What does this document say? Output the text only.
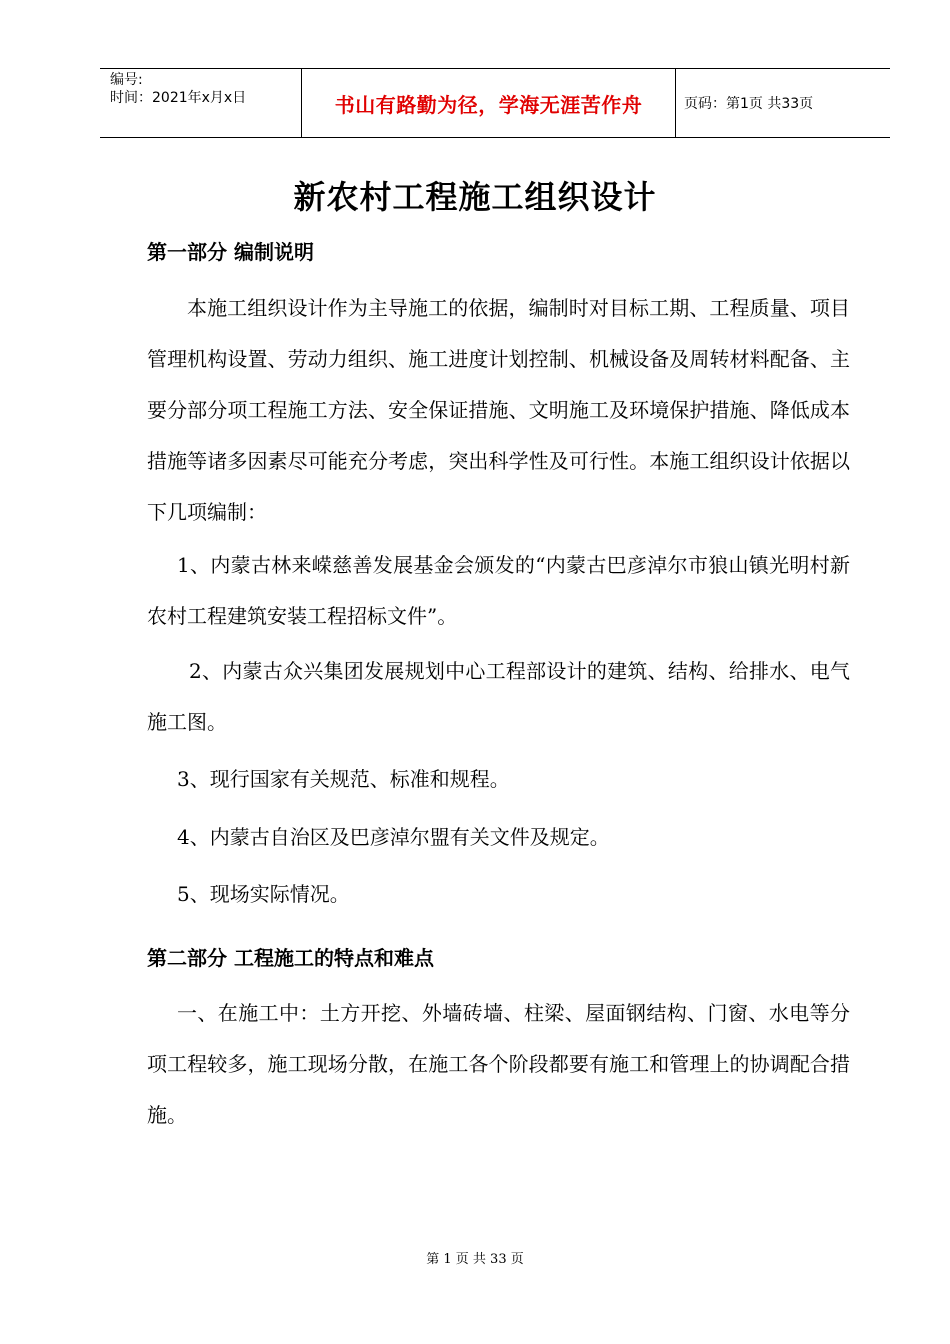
编号:
时间：2021年x月x日	书山有路勤为径，学海无涯苦作舟	页码：第1页 共33页
新农村工程施工组织设计
第一部分 编制说明
本施工组织设计作为主导施工的依据，编制时对目标工期、工程质量、项目管理机构设置、劳动力组织、施工进度计划控制、机械设备及周转材料配备、主要分部分项工程施工方法、安全保证措施、文明施工及环境保护措施、降低成本措施等诸多因素尽可能充分考虑，突出科学性及可行性。本施工组织设计依据以下几项编制：
1、内蒙古林来嵘慈善发展基金会颁发的“内蒙古巴彦淖尔市狼山镇光明村新农村工程建筑安装工程招标文件”。
2、内蒙古众兴集团发展规划中心工程部设计的建筑、结构、给排水、电气施工图。
3、现行国家有关规范、标准和规程。
4、内蒙古自治区及巴彦淖尔盟有关文件及规定。
5、现场实际情况。
第二部分 工程施工的特点和难点
一、在施工中：土方开挖、外墙砖墙、柱梁、屋面钢结构、门窗、水电等分项工程较多，施工现场分散，在施工各个阶段都要有施工和管理上的协调配合措施。
第 1 页 共 33 页
